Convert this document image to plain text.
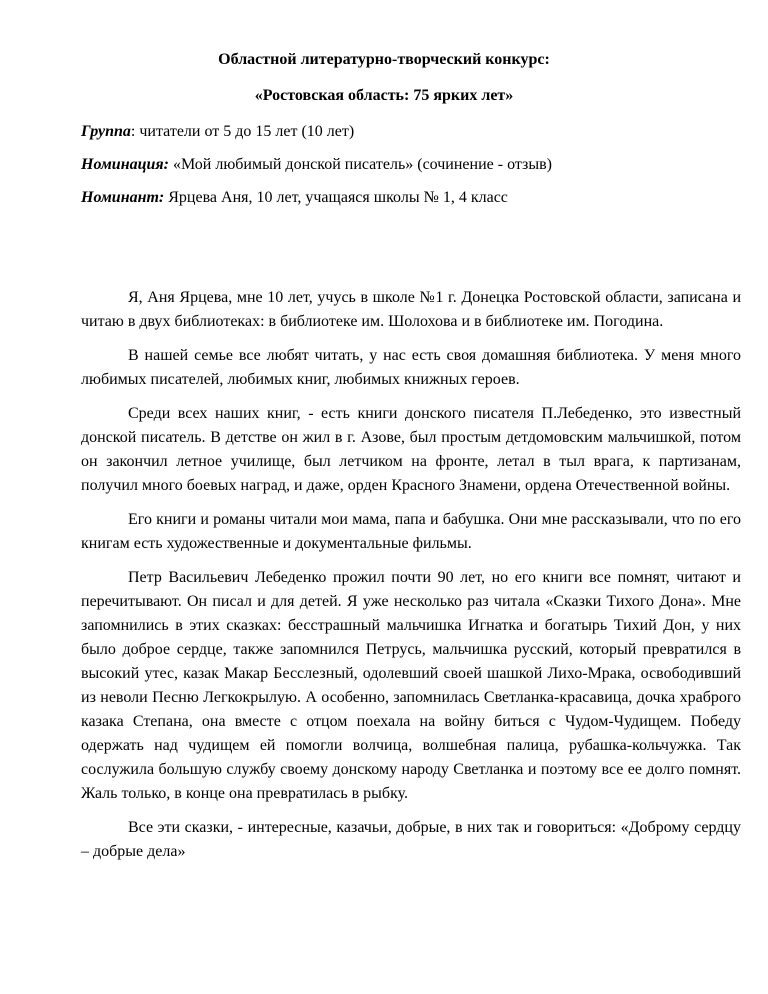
Областной литературно-творческий конкурс:
«Ростовская область: 75 ярких лет»
Группа: читатели от 5 до 15 лет (10 лет)
Номинация: «Мой любимый донской писатель» (сочинение - отзыв)
Номинант: Ярцева Аня, 10 лет, учащаяся школы № 1, 4 класс

Я, Аня Ярцева, мне 10 лет, учусь в школе №1 г. Донецка Ростовской области, записана и читаю в двух библиотеках: в библиотеке им. Шолохова и в библиотеке им. Погодина.

В нашей семье все любят читать, у нас есть своя домашняя библиотека. У меня много любимых писателей, любимых книг, любимых книжных героев.

Среди всех наших книг, - есть книги донского писателя П.Лебеденко, это известный донской писатель. В детстве он жил в г. Азове, был простым детдомовским мальчишкой, потом он закончил летное училище, был летчиком на фронте, летал в тыл врага, к партизанам, получил много боевых наград, и даже, орден Красного Знамени, ордена Отечественной войны.

Его книги и романы читали мои мама, папа и бабушка. Они мне рассказывали, что по его книгам есть художественные и документальные фильмы.

Петр Васильевич Лебеденко прожил почти 90 лет, но его книги все помнят, читают и перечитывают. Он писал и для детей. Я уже несколько раз читала «Сказки Тихого Дона». Мне запомнились в этих сказках: бесстрашный мальчишка Игнатка и богатырь Тихий Дон, у них было доброе сердце, также запомнился Петрусь, мальчишка русский, который превратился в высокий утес, казак Макар Бесслезный, одолевший своей шашкой Лихо-Мрака, освободивший из неволи Песню Легкокрылую. А особенно, запомнилась Светланка-красавица, дочка храброго казака Степана, она вместе с отцом поехала на войну биться с Чудом-Чудищем. Победу одержать над чудищем ей помогли волчица, волшебная палица, рубашка-кольчужка. Так сослужила большую службу своему донскому народу Светланка и поэтому все ее долго помнят. Жаль только, в конце она превратилась в рыбку.

Все эти сказки, - интересные, казачьи, добрые, в них так и говориться: «Доброму сердцу – добрые дела»
